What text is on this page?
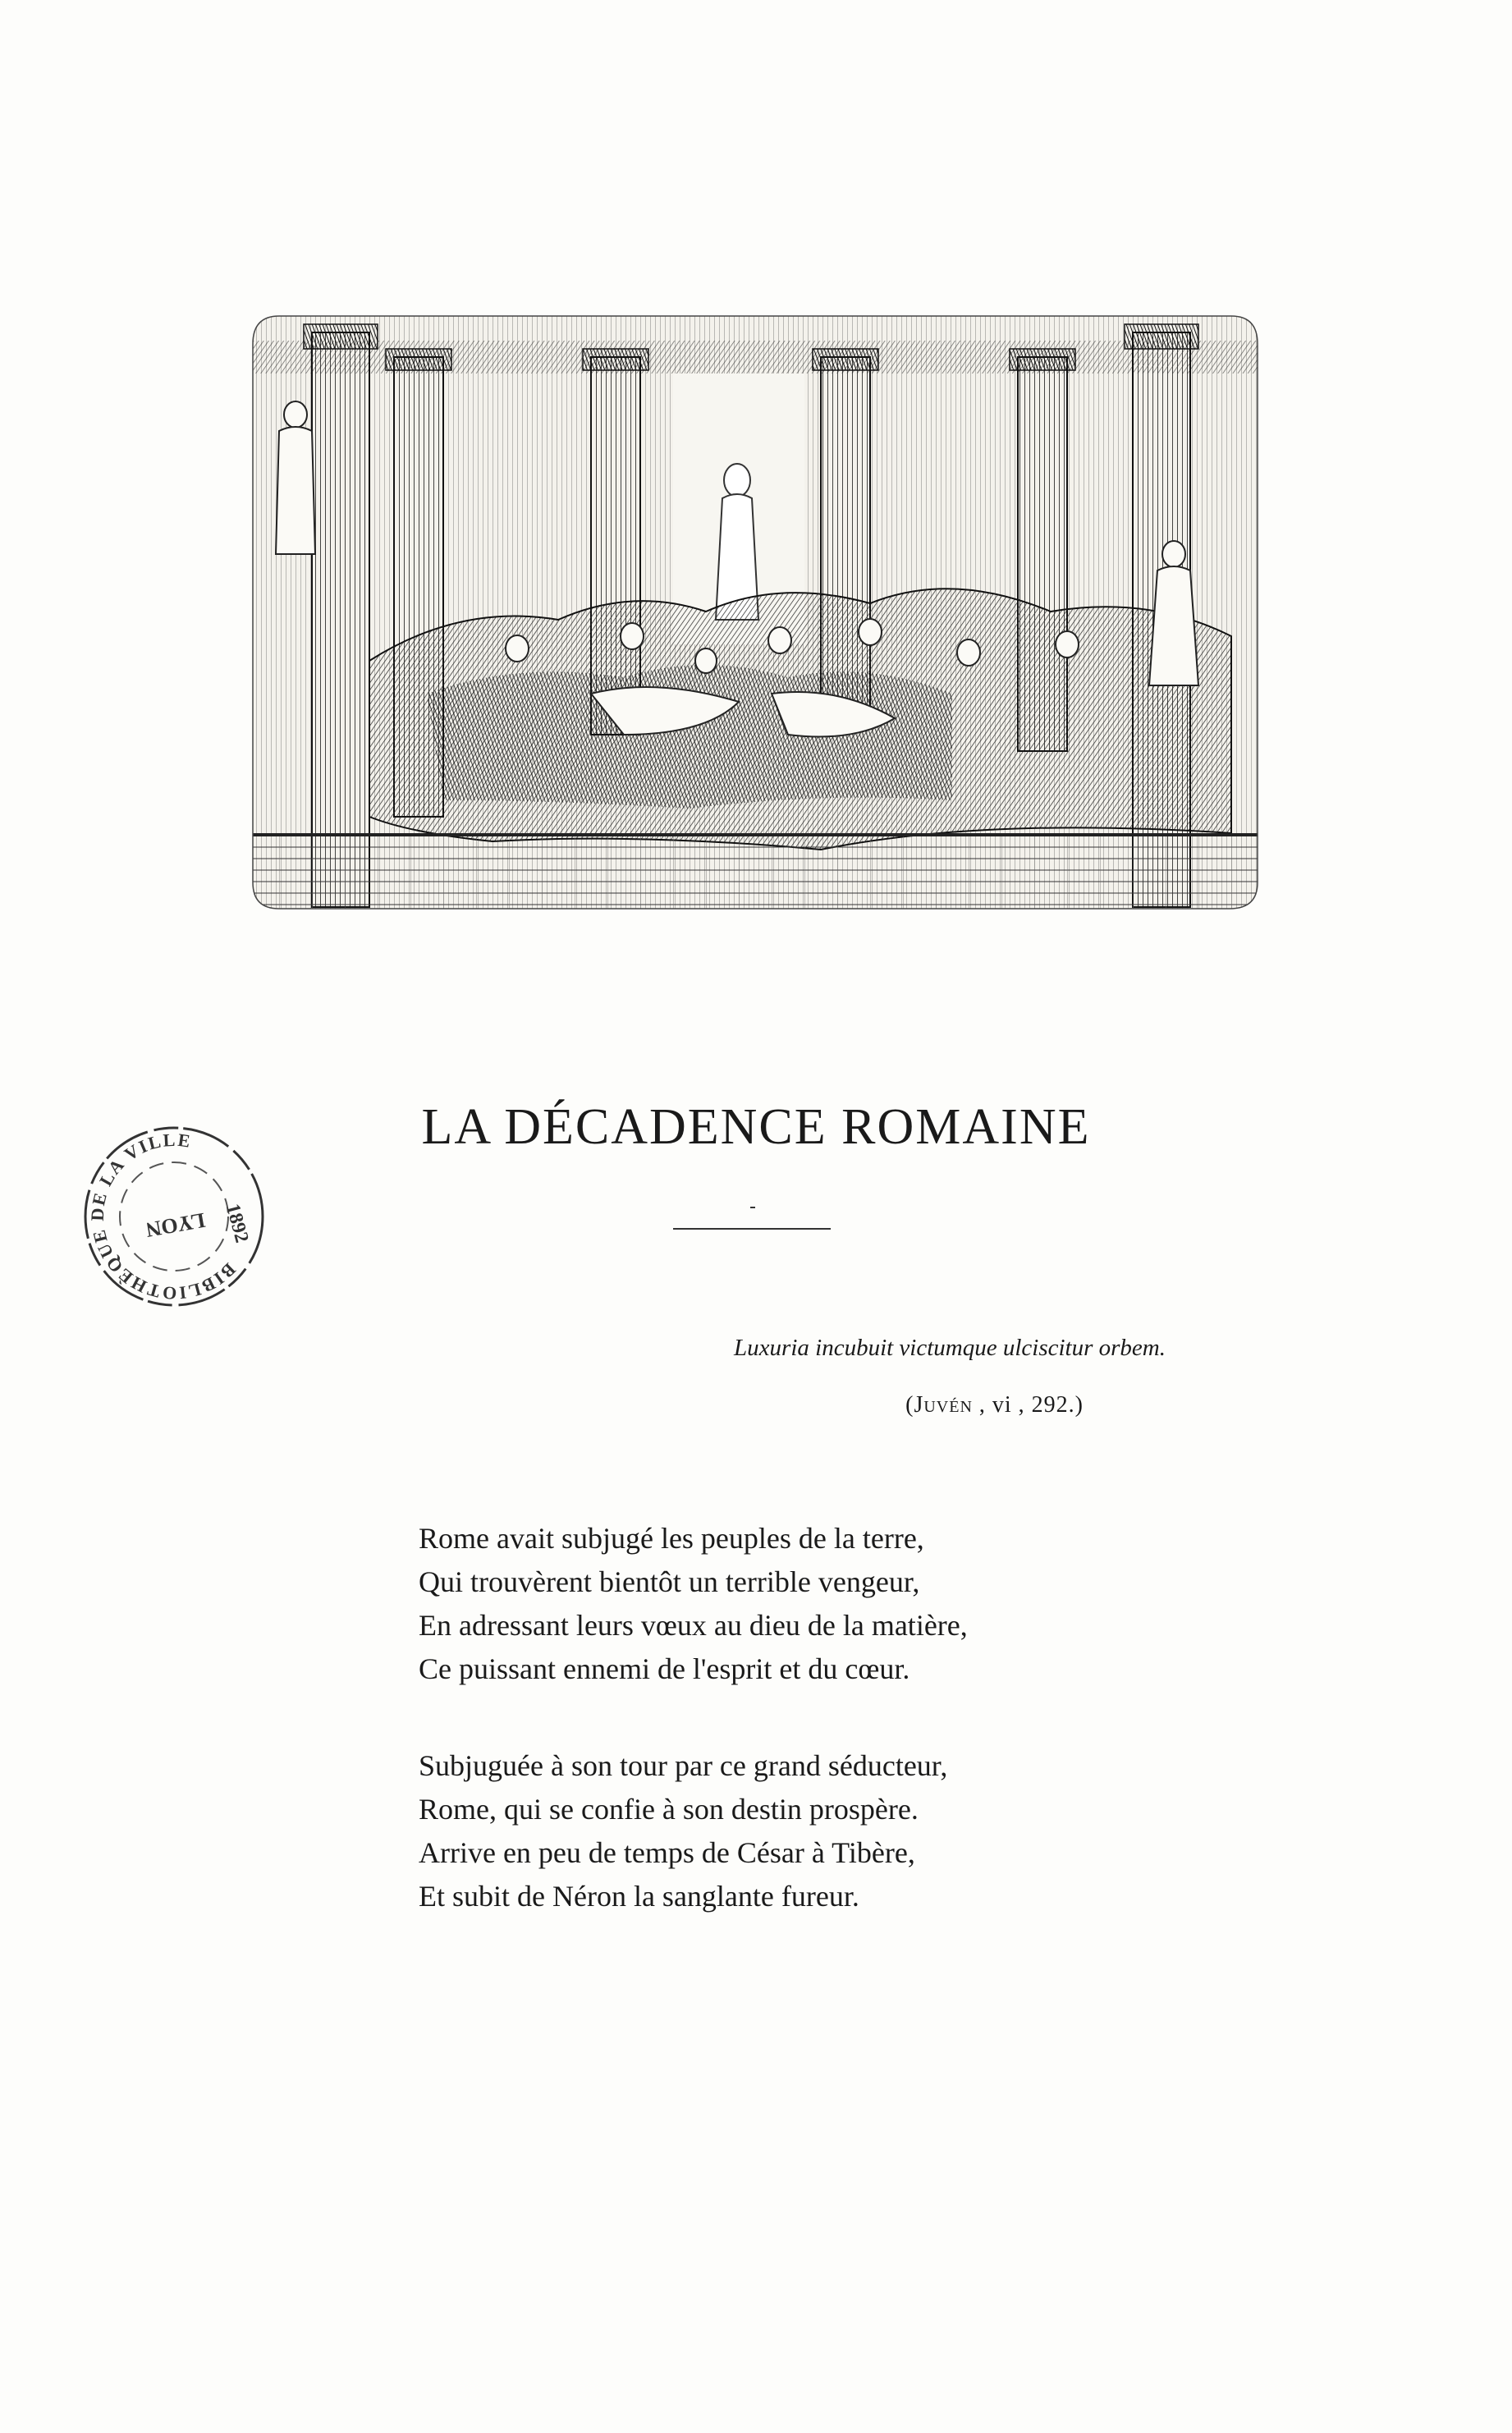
BIBLIOTHÈQUE DE LA VILLE
LYON 1892
LA DÉCADENCE ROMAINE
Luxuria incubuit victumque ulciscitur orbem.
(Juvén , vi , 292.)
Rome avait subjugé les peuples de la terre,
Qui trouvèrent bientôt un terrible vengeur,
En adressant leurs vœux au dieu de la matière,
Ce puissant ennemi de l'esprit et du cœur.
Subjuguée à son tour par ce grand séducteur,
Rome, qui se confie à son destin prospère.
Arrive en peu de temps de César à Tibère,
Et subit de Néron la sanglante fureur.
